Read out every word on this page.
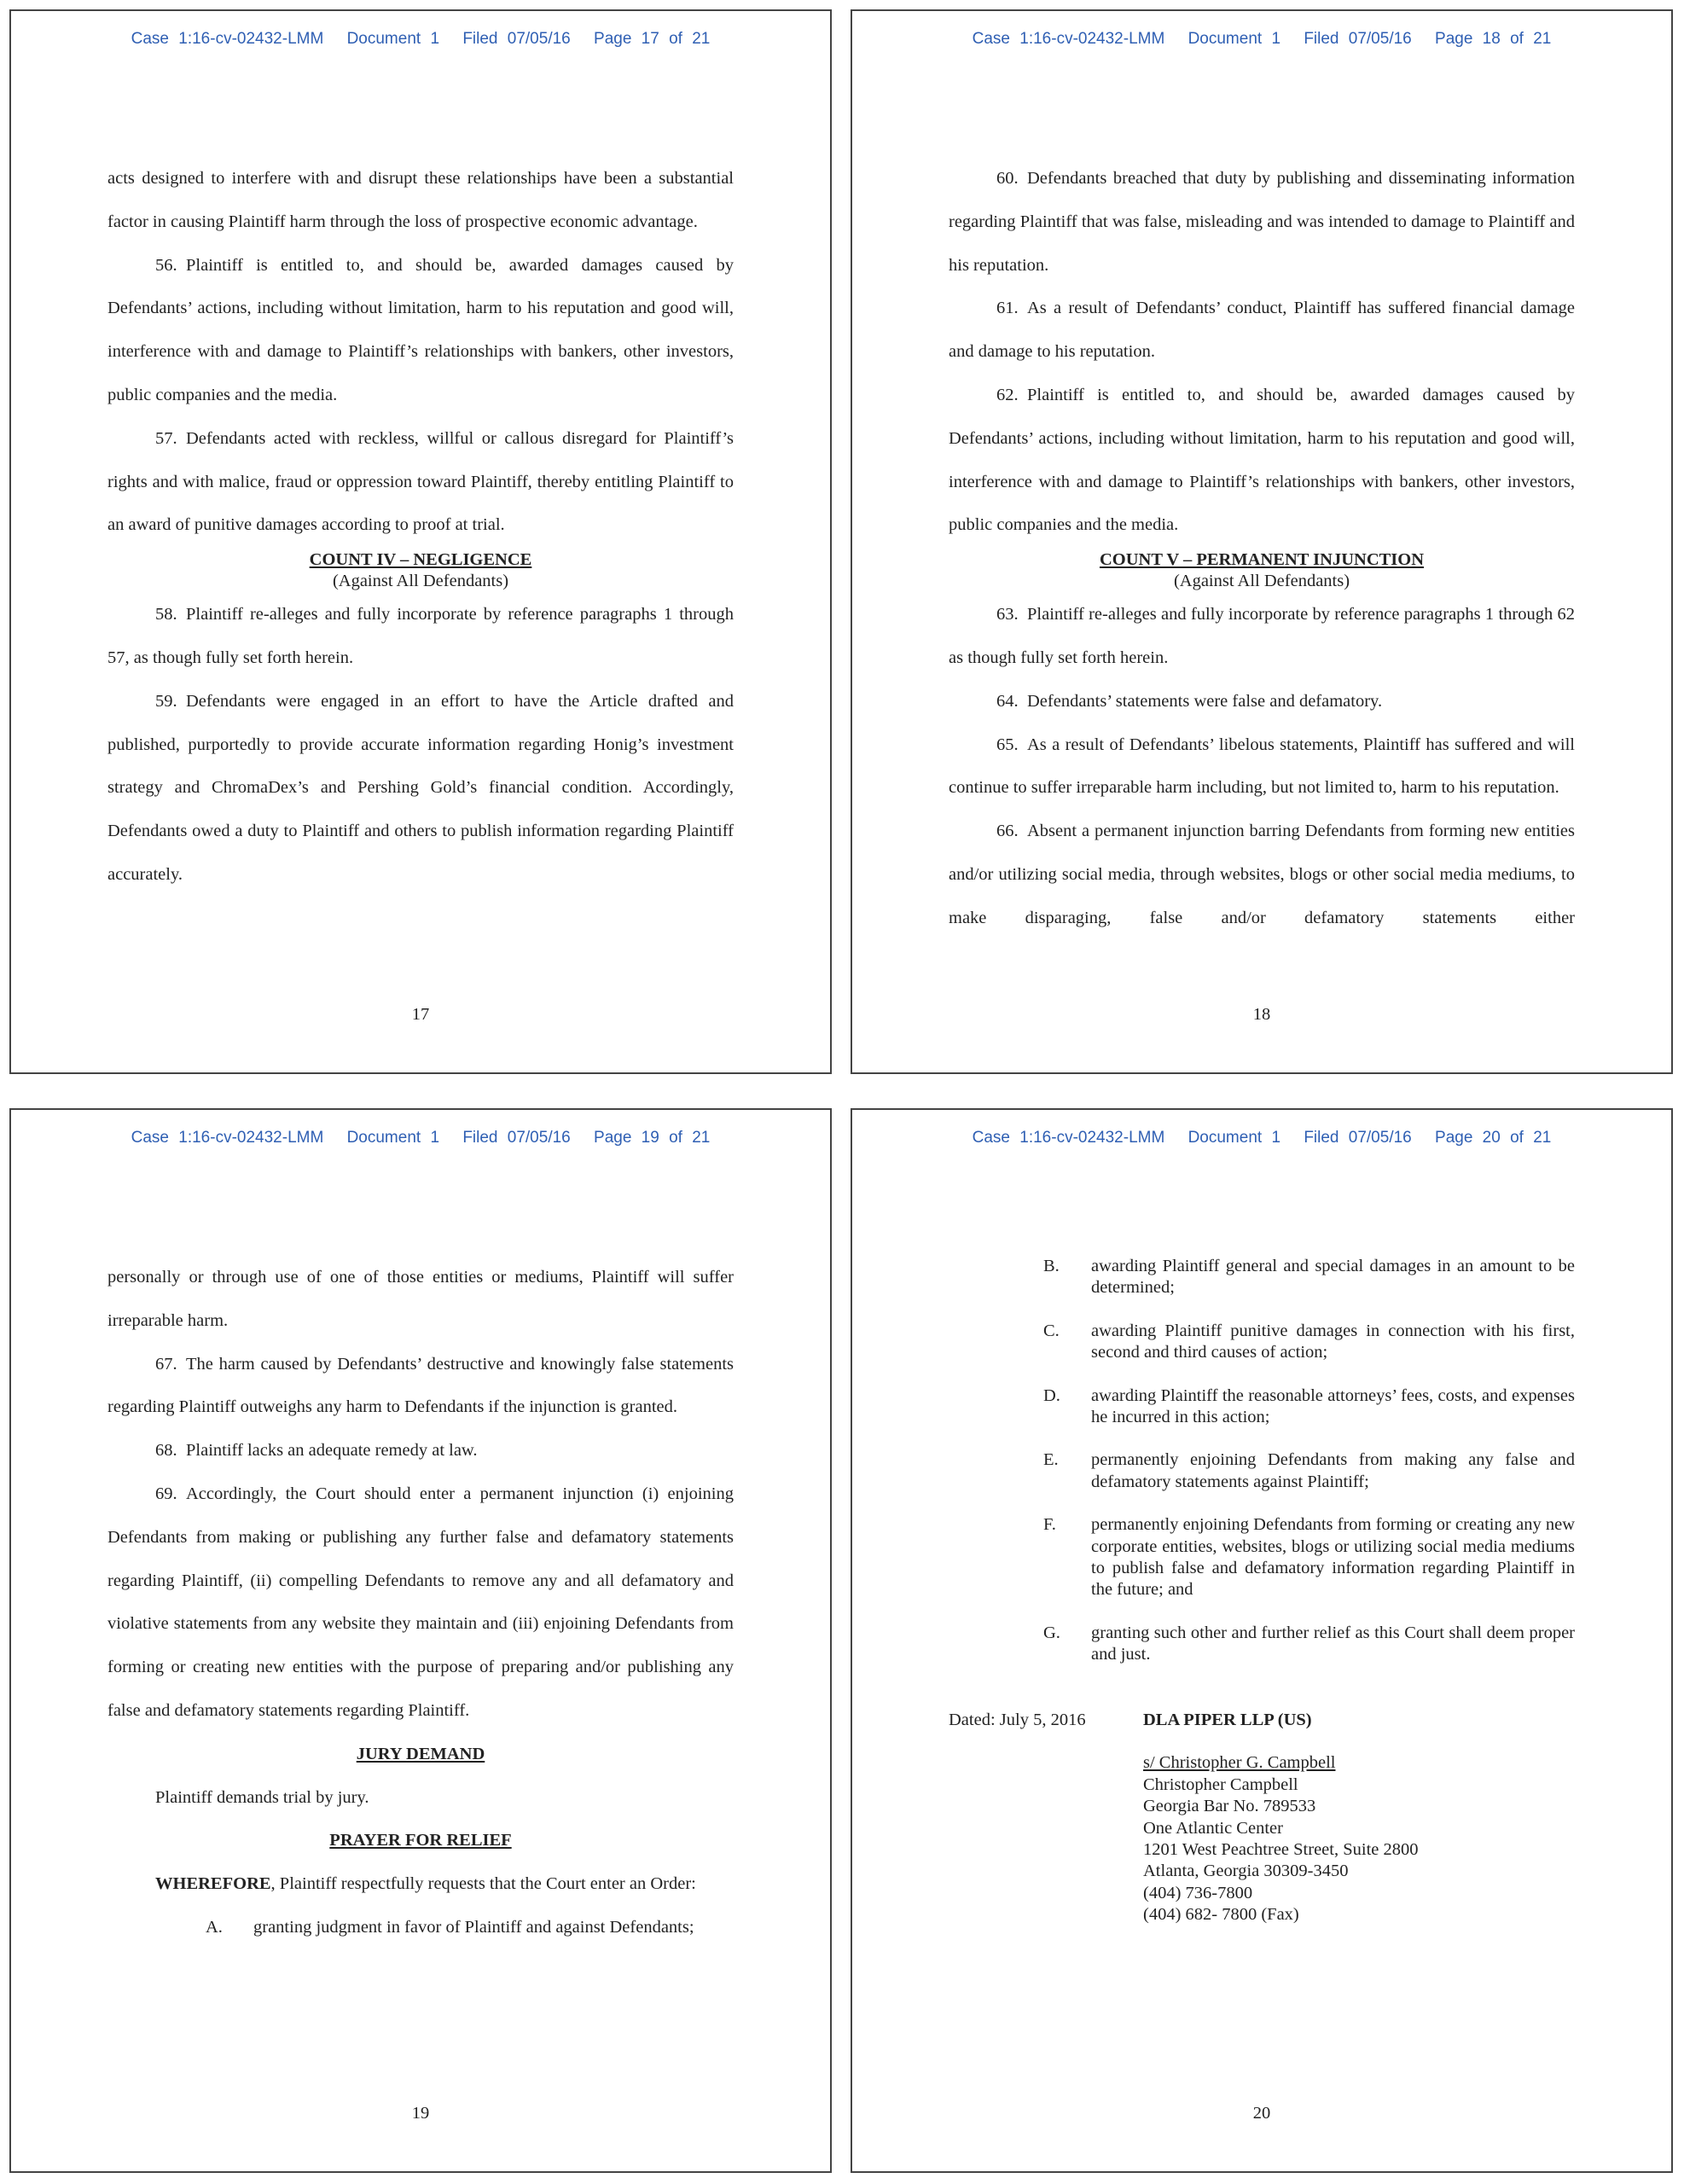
Case 1:16-cv-02432-LMM Document 1 Filed 07/05/16 Page 17 of 21

acts designed to interfere with and disrupt these relationships have been a substantial factor in causing Plaintiff harm through the loss of prospective economic advantage.

56. Plaintiff is entitled to, and should be, awarded damages caused by Defendants’ actions, including without limitation, harm to his reputation and good will, interference with and damage to Plaintiff’s relationships with bankers, other investors, public companies and the media.

57. Defendants acted with reckless, willful or callous disregard for Plaintiff’s rights and with malice, fraud or oppression toward Plaintiff, thereby entitling Plaintiff to an award of punitive damages according to proof at trial.

COUNT IV – NEGLIGENCE
(Against All Defendants)

58. Plaintiff re-alleges and fully incorporate by reference paragraphs 1 through 57, as though fully set forth herein.

59. Defendants were engaged in an effort to have the Article drafted and published, purportedly to provide accurate information regarding Honig’s investment strategy and ChromaDex’s and Pershing Gold’s financial condition. Accordingly, Defendants owed a duty to Plaintiff and others to publish information regarding Plaintiff accurately.

17
Case 1:16-cv-02432-LMM Document 1 Filed 07/05/16 Page 18 of 21

60. Defendants breached that duty by publishing and disseminating information regarding Plaintiff that was false, misleading and was intended to damage to Plaintiff and his reputation.

61. As a result of Defendants’ conduct, Plaintiff has suffered financial damage and damage to his reputation.

62. Plaintiff is entitled to, and should be, awarded damages caused by Defendants’ actions, including without limitation, harm to his reputation and good will, interference with and damage to Plaintiff’s relationships with bankers, other investors, public companies and the media.

COUNT V – PERMANENT INJUNCTION
(Against All Defendants)

63. Plaintiff re-alleges and fully incorporate by reference paragraphs 1 through 62 as though fully set forth herein.

64. Defendants’ statements were false and defamatory.

65. As a result of Defendants’ libelous statements, Plaintiff has suffered and will continue to suffer irreparable harm including, but not limited to, harm to his reputation.

66. Absent a permanent injunction barring Defendants from forming new entities and/or utilizing social media, through websites, blogs or other social media mediums, to make disparaging, false and/or defamatory statements either

18
Case 1:16-cv-02432-LMM Document 1 Filed 07/05/16 Page 19 of 21

personally or through use of one of those entities or mediums, Plaintiff will suffer irreparable harm.

67. The harm caused by Defendants’ destructive and knowingly false statements regarding Plaintiff outweighs any harm to Defendants if the injunction is granted.

68. Plaintiff lacks an adequate remedy at law.

69. Accordingly, the Court should enter a permanent injunction (i) enjoining Defendants from making or publishing any further false and defamatory statements regarding Plaintiff, (ii) compelling Defendants to remove any and all defamatory and violative statements from any website they maintain and (iii) enjoining Defendants from forming or creating new entities with the purpose of preparing and/or publishing any false and defamatory statements regarding Plaintiff.

JURY DEMAND

Plaintiff demands trial by jury.

PRAYER FOR RELIEF

WHEREFORE, Plaintiff respectfully requests that the Court enter an Order:

A. granting judgment in favor of Plaintiff and against Defendants;

19
Case 1:16-cv-02432-LMM Document 1 Filed 07/05/16 Page 20 of 21
B.	awarding Plaintiff general and special damages in an amount to be determined;
C.	awarding Plaintiff punitive damages in connection with his first, second and third causes of action;
D.	awarding Plaintiff the reasonable attorneys’ fees, costs, and expenses he incurred in this action;
E.	permanently enjoining Defendants from making any false and defamatory statements against Plaintiff;
F.	permanently enjoining Defendants from forming or creating any new corporate entities, websites, blogs or utilizing social media mediums to publish false and defamatory information regarding Plaintiff in the future; and
G.	granting such other and further relief as this Court shall deem proper and just.
Dated: July 5, 2016	DLA PIPER LLP (US)
s/ Christopher G. Campbell
Christopher Campbell
Georgia Bar No. 789533
One Atlantic Center
1201 West Peachtree Street, Suite 2800
Atlanta, Georgia 30309-3450
(404) 736-7800
(404) 682- 7800 (Fax)
20
